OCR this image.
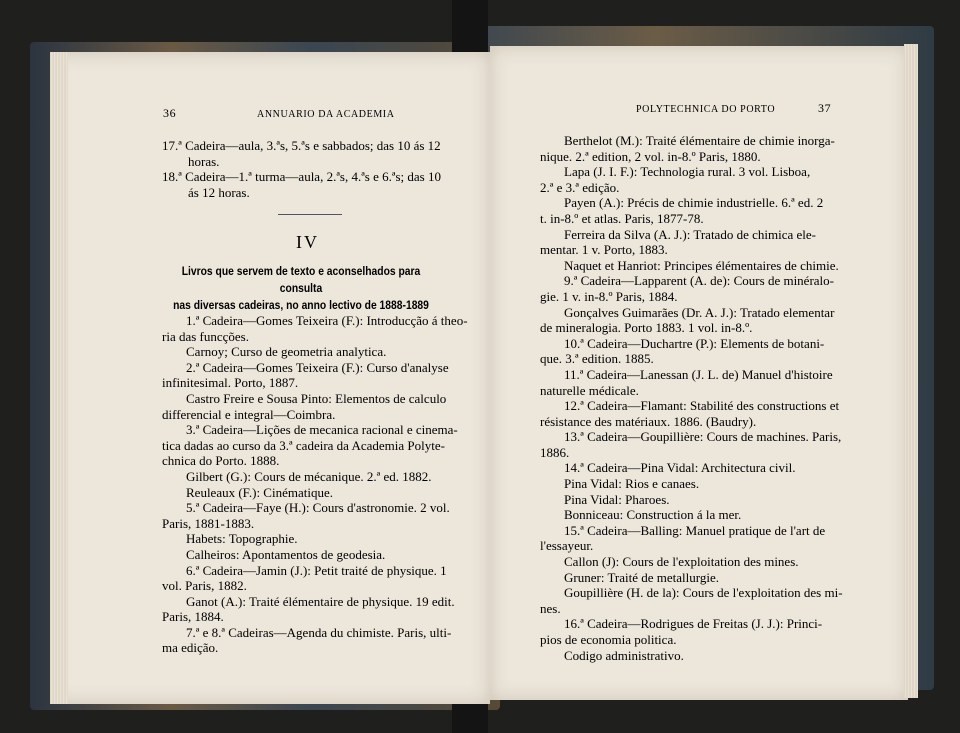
36	ANNUARIO DA ACADEMIA
17.ª Cadeira—aula, 3.ªs, 5.ªs e sabbados; das 10 ás 12
horas.
18.ª Cadeira—1.ª turma—aula, 2.ªs, 4.ªs e 6.ªs; das 10
ás 12 horas.
IV
Livros que servem de texto e aconselhados para consulta
nas diversas cadeiras, no anno lectivo de 1888-1889
1.ª Cadeira—Gomes Teixeira (F.): Introducção á theo-
ria das funcções.
Carnoy; Curso de geometria analytica.
2.ª Cadeira—Gomes Teixeira (F.): Curso d'analyse
infinitesimal. Porto, 1887.
Castro Freire e Sousa Pinto: Elementos de calculo
differencial e integral—Coimbra.
3.ª Cadeira—Lições de mecanica racional e cinema-
tica dadas ao curso da 3.ª cadeira da Academia Polyte-
chnica do Porto. 1888.
Gilbert (G.): Cours de mécanique. 2.ª ed. 1882.
Reuleaux (F.): Cinématique.
5.ª Cadeira—Faye (H.): Cours d'astronomie. 2 vol.
Paris, 1881-1883.
Habets: Topographie.
Calheiros: Apontamentos de geodesia.
6.ª Cadeira—Jamin (J.): Petit traité de physique. 1
vol. Paris, 1882.
Ganot (A.): Traité élémentaire de physique. 19 edit.
Paris, 1884.
7.ª e 8.ª Cadeiras—Agenda du chimiste. Paris, ulti-
ma edição.
POLYTECHNICA DO PORTO	37
Berthelot (M.): Traité élémentaire de chimie inorga-
nique. 2.ª edition, 2 vol. in-8.º Paris, 1880.
Lapa (J. I. F.): Technologia rural. 3 vol. Lisboa,
2.ª e 3.ª edição.
Payen (A.): Précis de chimie industrielle. 6.ª ed. 2
t. in-8.º et atlas. Paris, 1877-78.
Ferreira da Silva (A. J.): Tratado de chimica ele-
mentar. 1 v. Porto, 1883.
Naquet et Hanriot: Principes élémentaires de chimie.
9.ª Cadeira—Lapparent (A. de): Cours de minéralo-
gie. 1 v. in-8.º Paris, 1884.
Gonçalves Guimarães (Dr. A. J.): Tratado elementar
de mineralogia. Porto 1883. 1 vol. in-8.º.
10.ª Cadeira—Duchartre (P.): Elements de botani-
que. 3.ª edition. 1885.
11.ª Cadeira—Lanessan (J. L. de) Manuel d'histoire
naturelle médicale.
12.ª Cadeira—Flamant: Stabilité des constructions et
résistance des matériaux. 1886. (Baudry).
13.ª Cadeira—Goupillière: Cours de machines. Paris,
1886.
14.ª Cadeira—Pina Vidal: Architectura civil.
Pina Vidal: Rios e canaes.
Pina Vidal: Pharoes.
Bonniceau: Construction á la mer.
15.ª Cadeira—Balling: Manuel pratique de l'art de
l'essayeur.
Callon (J): Cours de l'exploitation des mines.
Gruner: Traité de metallurgie.
Goupillière (H. de la): Cours de l'exploitation des mi-
nes.
16.ª Cadeira—Rodrigues de Freitas (J. J.): Princi-
pios de economia politica.
Codigo administrativo.
